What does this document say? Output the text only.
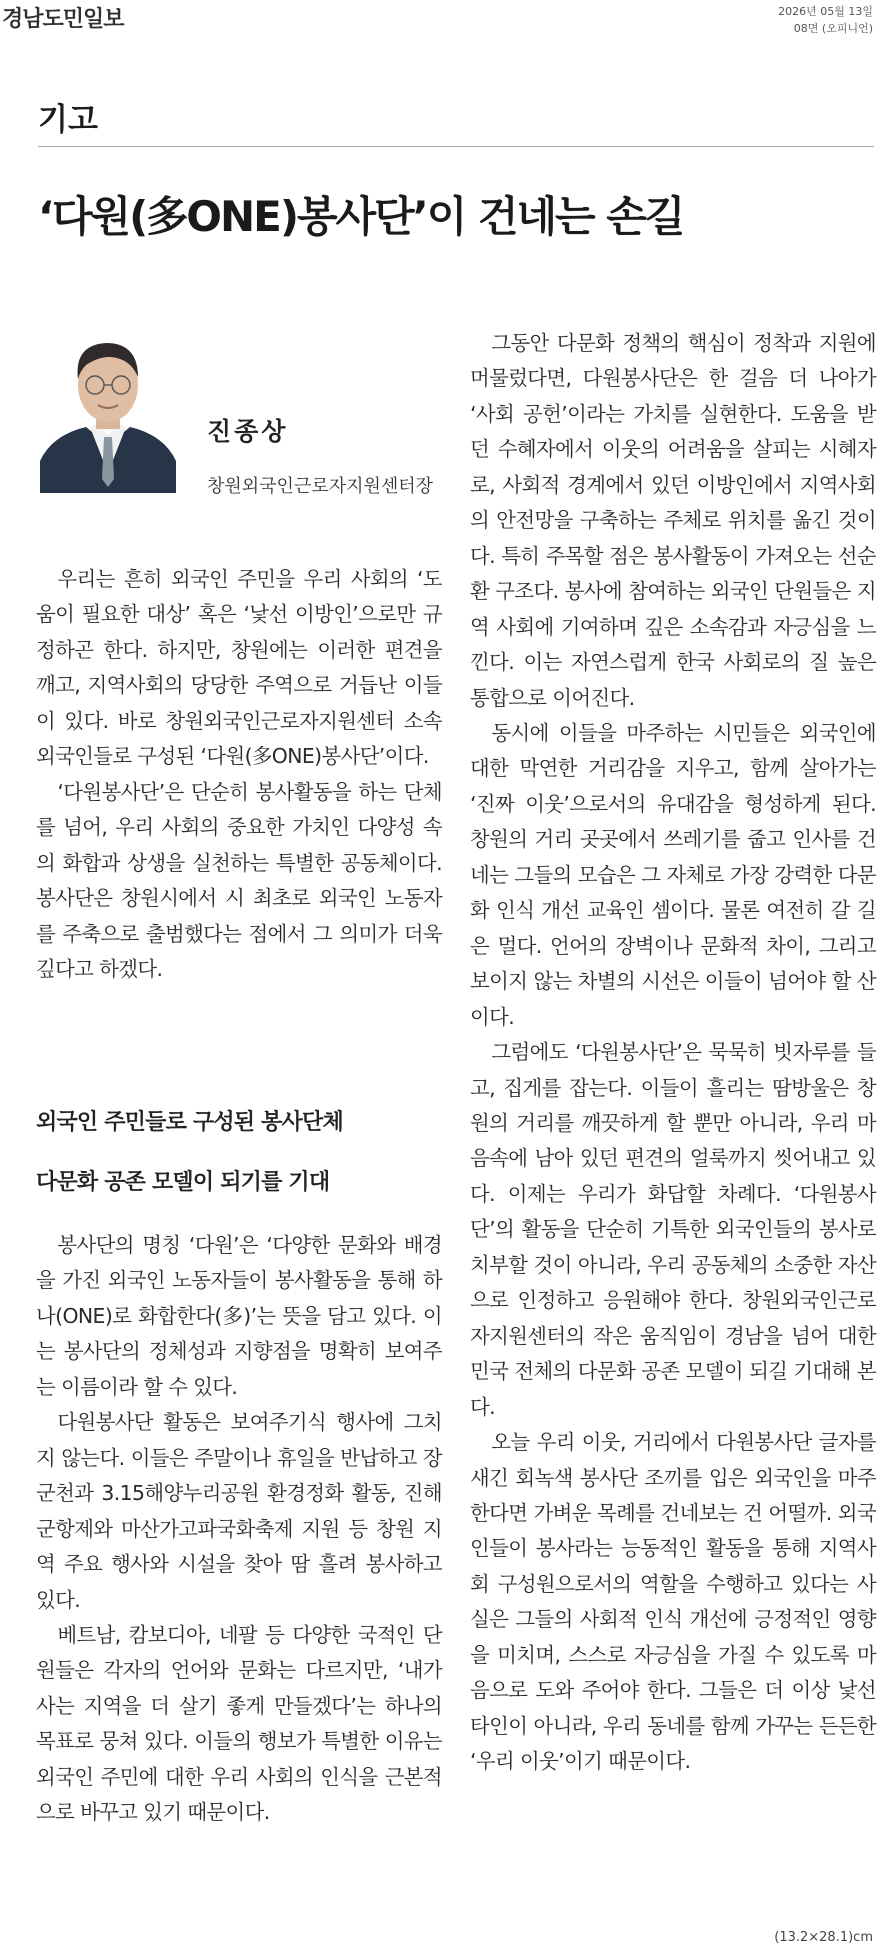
경남도민일보	2026년 05월 13일
08면 (오피니언)
기고
‘다원(多ONE)봉사단’이 건네는 손길
진종상
창원외국인근로자지원센터장

우리는 흔히 외국인 주민을 우리 사회의 ‘도움이 필요한 대상’ 혹은 ‘낯선 이방인’으로만 규정하곤 한다. 하지만, 창원에는 이러한 편견을 깨고, 지역사회의 당당한 주역으로 거듭난 이들이 있다. 바로 창원외국인근로자지원센터 소속 외국인들로 구성된 ‘다원(多ONE)봉사단’이다.

‘다원봉사단’은 단순히 봉사활동을 하는 단체를 넘어, 우리 사회의 중요한 가치인 다양성 속의 화합과 상생을 실천하는 특별한 공동체이다. 봉사단은 창원시에서 시 최초로 외국인 노동자를 주축으로 출범했다는 점에서 그 의미가 더욱 깊다고 하겠다.

외국인 주민들로 구성된 봉사단체
다문화 공존 모델이 되기를 기대

봉사단의 명칭 ‘다원’은 ‘다양한 문화와 배경을 가진 외국인 노동자들이 봉사활동을 통해 하나(ONE)로 화합한다(多)’는 뜻을 담고 있다. 이는 봉사단의 정체성과 지향점을 명확히 보여주는 이름이라 할 수 있다.

다원봉사단 활동은 보여주기식 행사에 그치지 않는다. 이들은 주말이나 휴일을 반납하고 장군천과 3.15해양누리공원 환경정화 활동, 진해군항제와 마산가고파국화축제 지원 등 창원 지역 주요 행사와 시설을 찾아 땀 흘려 봉사하고 있다.

베트남, 캄보디아, 네팔 등 다양한 국적인 단원들은 각자의 언어와 문화는 다르지만, ‘내가 사는 지역을 더 살기 좋게 만들겠다’는 하나의 목표로 뭉쳐 있다. 이들의 행보가 특별한 이유는 외국인 주민에 대한 우리 사회의 인식을 근본적으로 바꾸고 있기 때문이다.

그동안 다문화 정책의 핵심이 정착과 지원에 머물렀다면, 다원봉사단은 한 걸음 더 나아가 ‘사회 공헌’이라는 가치를 실현한다. 도움을 받던 수혜자에서 이웃의 어려움을 살피는 시혜자로, 사회적 경계에서 있던 이방인에서 지역사회의 안전망을 구축하는 주체로 위치를 옮긴 것이다. 특히 주목할 점은 봉사활동이 가져오는 선순환 구조다. 봉사에 참여하는 외국인 단원들은 지역 사회에 기여하며 깊은 소속감과 자긍심을 느낀다. 이는 자연스럽게 한국 사회로의 질 높은 통합으로 이어진다.

동시에 이들을 마주하는 시민들은 외국인에 대한 막연한 거리감을 지우고, 함께 살아가는 ‘진짜 이웃’으로서의 유대감을 형성하게 된다. 창원의 거리 곳곳에서 쓰레기를 줍고 인사를 건네는 그들의 모습은 그 자체로 가장 강력한 다문화 인식 개선 교육인 셈이다. 물론 여전히 갈 길은 멀다. 언어의 장벽이나 문화적 차이, 그리고 보이지 않는 차별의 시선은 이들이 넘어야 할 산이다.

그럼에도 ‘다원봉사단’은 묵묵히 빗자루를 들고, 집게를 잡는다. 이들이 흘리는 땀방울은 창원의 거리를 깨끗하게 할 뿐만 아니라, 우리 마음속에 남아 있던 편견의 얼룩까지 씻어내고 있다. 이제는 우리가 화답할 차례다. ‘다원봉사단’의 활동을 단순히 기특한 외국인들의 봉사로 치부할 것이 아니라, 우리 공동체의 소중한 자산으로 인정하고 응원해야 한다. 창원외국인근로자지원센터의 작은 움직임이 경남을 넘어 대한민국 전체의 다문화 공존 모델이 되길 기대해 본다.

오늘 우리 이웃, 거리에서 다원봉사단 글자를 새긴 회녹색 봉사단 조끼를 입은 외국인을 마주한다면 가벼운 목례를 건네보는 건 어떨까. 외국인들이 봉사라는 능동적인 활동을 통해 지역사회 구성원으로서의 역할을 수행하고 있다는 사실은 그들의 사회적 인식 개선에 긍정적인 영향을 미치며, 스스로 자긍심을 가질 수 있도록 마음으로 도와 주어야 한다. 그들은 더 이상 낯선 타인이 아니라, 우리 동네를 함께 가꾸는 든든한 ‘우리 이웃’이기 때문이다.

(13.2×28.1)cm
